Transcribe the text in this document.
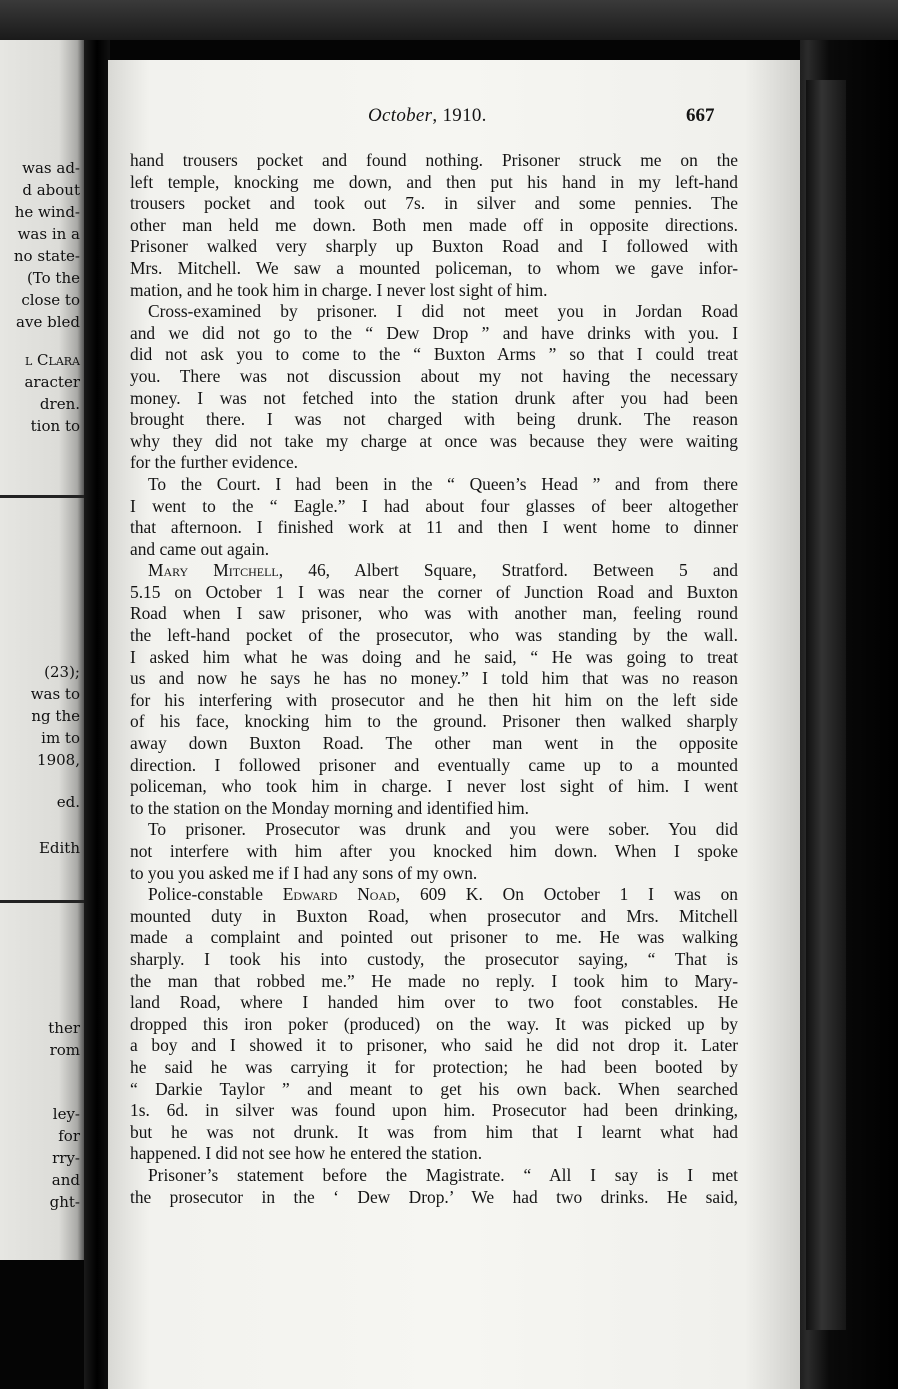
was ad-
d about
he wind-
was in a
no state-
(To the
close to
ave bled
l Clara
aracter
dren.
tion to
(23);
was to
ng the
im to
1908,
ed.
Edith
ther
rom
ley-
for
rry-
and
ght-
October, 1910.	667
hand trousers pocket and found nothing. Prisoner struck me on the
left temple, knocking me down, and then put his hand in my left-hand
trousers pocket and took out 7s. in silver and some pennies. The
other man held me down. Both men made off in opposite directions.
Prisoner walked very sharply up Buxton Road and I followed with
Mrs. Mitchell. We saw a mounted policeman, to whom we gave infor-
mation, and he took him in charge. I never lost sight of him.
Cross-examined by prisoner. I did not meet you in Jordan Road
and we did not go to the “ Dew Drop ” and have drinks with you. I
did not ask you to come to the “ Buxton Arms ” so that I could treat
you. There was not discussion about my not having the necessary
money. I was not fetched into the station drunk after you had been
brought there. I was not charged with being drunk. The reason
why they did not take my charge at once was because they were waiting
for the further evidence.
To the Court. I had been in the “ Queen’s Head ” and from there
I went to the “ Eagle.” I had about four glasses of beer altogether
that afternoon. I finished work at 11 and then I went home to dinner
and came out again.
Mary Mitchell, 46, Albert Square, Stratford. Between 5 and
5.15 on October 1 I was near the corner of Junction Road and Buxton
Road when I saw prisoner, who was with another man, feeling round
the left-hand pocket of the prosecutor, who was standing by the wall.
I asked him what he was doing and he said, “ He was going to treat
us and now he says he has no money.” I told him that was no reason
for his interfering with prosecutor and he then hit him on the left side
of his face, knocking him to the ground. Prisoner then walked sharply
away down Buxton Road. The other man went in the opposite
direction. I followed prisoner and eventually came up to a mounted
policeman, who took him in charge. I never lost sight of him. I went
to the station on the Monday morning and identified him.
To prisoner. Prosecutor was drunk and you were sober. You did
not interfere with him after you knocked him down. When I spoke
to you you asked me if I had any sons of my own.
Police-constable Edward Noad, 609 K. On October 1 I was on
mounted duty in Buxton Road, when prosecutor and Mrs. Mitchell
made a complaint and pointed out prisoner to me. He was walking
sharply. I took his into custody, the prosecutor saying, “ That is
the man that robbed me.” He made no reply. I took him to Mary-
land Road, where I handed him over to two foot constables. He
dropped this iron poker (produced) on the way. It was picked up by
a boy and I showed it to prisoner, who said he did not drop it. Later
he said he was carrying it for protection; he had been booted by
“ Darkie Taylor ” and meant to get his own back. When searched
1s. 6d. in silver was found upon him. Prosecutor had been drinking,
but he was not drunk. It was from him that I learnt what had
happened. I did not see how he entered the station.
Prisoner’s statement before the Magistrate. “ All I say is I met
the prosecutor in the ‘ Dew Drop.’ We had two drinks. He said,
